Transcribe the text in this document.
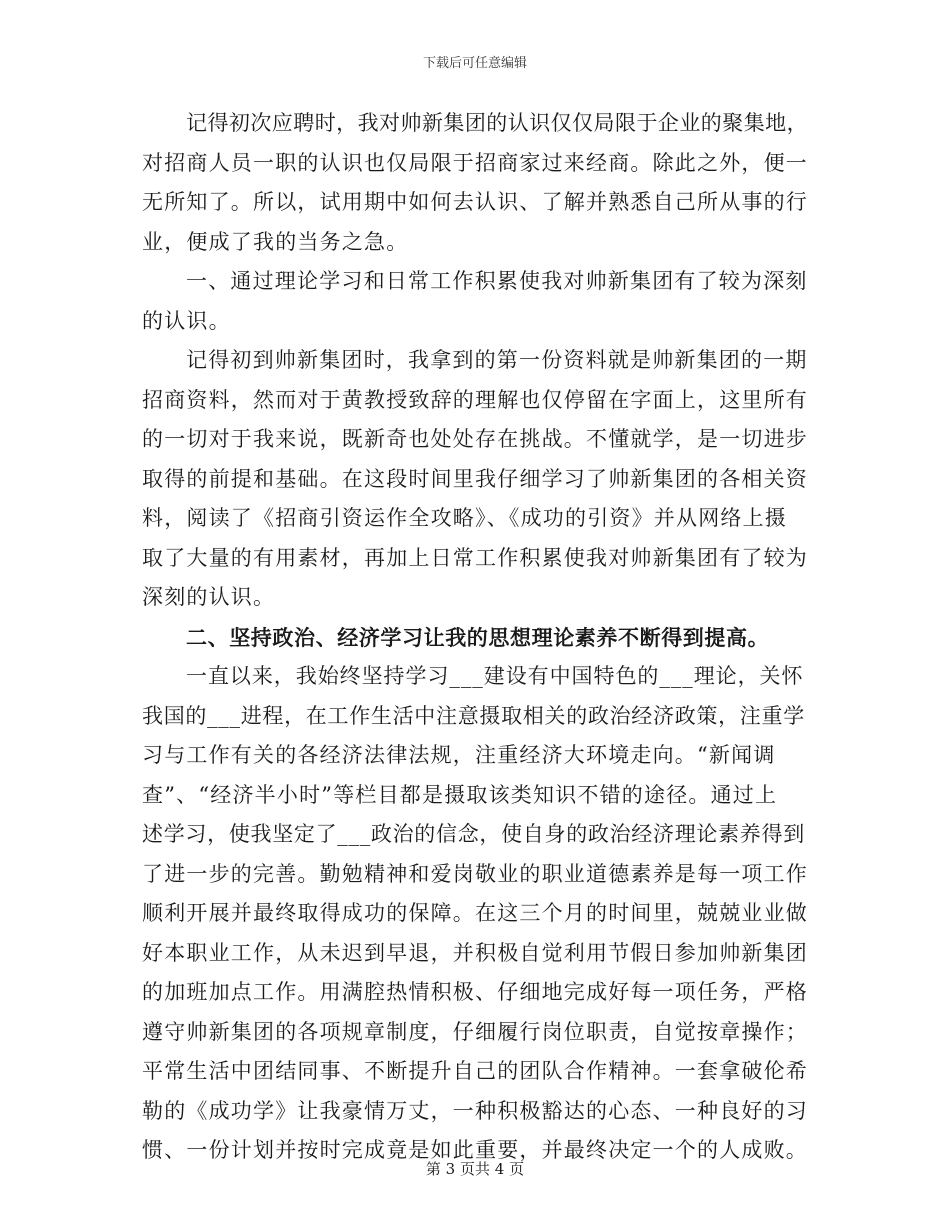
下载后可任意编辑
记得初次应聘时，我对帅新集团的认识仅仅局限于企业的聚集地，
对招商人员一职的认识也仅局限于招商家过来经商。除此之外，便一
无所知了。所以，试用期中如何去认识、了解并熟悉自己所从事的行
业，便成了我的当务之急。
一、通过理论学习和日常工作积累使我对帅新集团有了较为深刻
的认识。
记得初到帅新集团时，我拿到的第一份资料就是帅新集团的一期
招商资料，然而对于黄教授致辞的理解也仅停留在字面上，这里所有
的一切对于我来说，既新奇也处处存在挑战。不懂就学，是一切进步
取得的前提和基础。在这段时间里我仔细学习了帅新集团的各相关资
料，阅读了《招商引资运作全攻略》、《成功的引资》并从网络上摄
取了大量的有用素材，再加上日常工作积累使我对帅新集团有了较为
深刻的认识。
二、坚持政治、经济学习让我的思想理论素养不断得到提高。
一直以来，我始终坚持学习___建设有中国特色的___理论，关怀
我国的___进程，在工作生活中注意摄取相关的政治经济政策，注重学
习与工作有关的各经济法律法规，注重经济大环境走向。“新闻调
查”、“经济半小时”等栏目都是摄取该类知识不错的途径。通过上
述学习，使我坚定了___政治的信念，使自身的政治经济理论素养得到
了进一步的完善。勤勉精神和爱岗敬业的职业道德素养是每一项工作
顺利开展并最终取得成功的保障。在这三个月的时间里，兢兢业业做
好本职业工作，从未迟到早退，并积极自觉利用节假日参加帅新集团
的加班加点工作。用满腔热情积极、仔细地完成好每一项任务，严格
遵守帅新集团的各项规章制度，仔细履行岗位职责，自觉按章操作；
平常生活中团结同事、不断提升自己的团队合作精神。一套拿破伦希
勒的《成功学》让我豪情万丈，一种积极豁达的心态、一种良好的习
惯、一份计划并按时完成竟是如此重要，并最终决定一个的人成败。
第 3 页共 4 页
